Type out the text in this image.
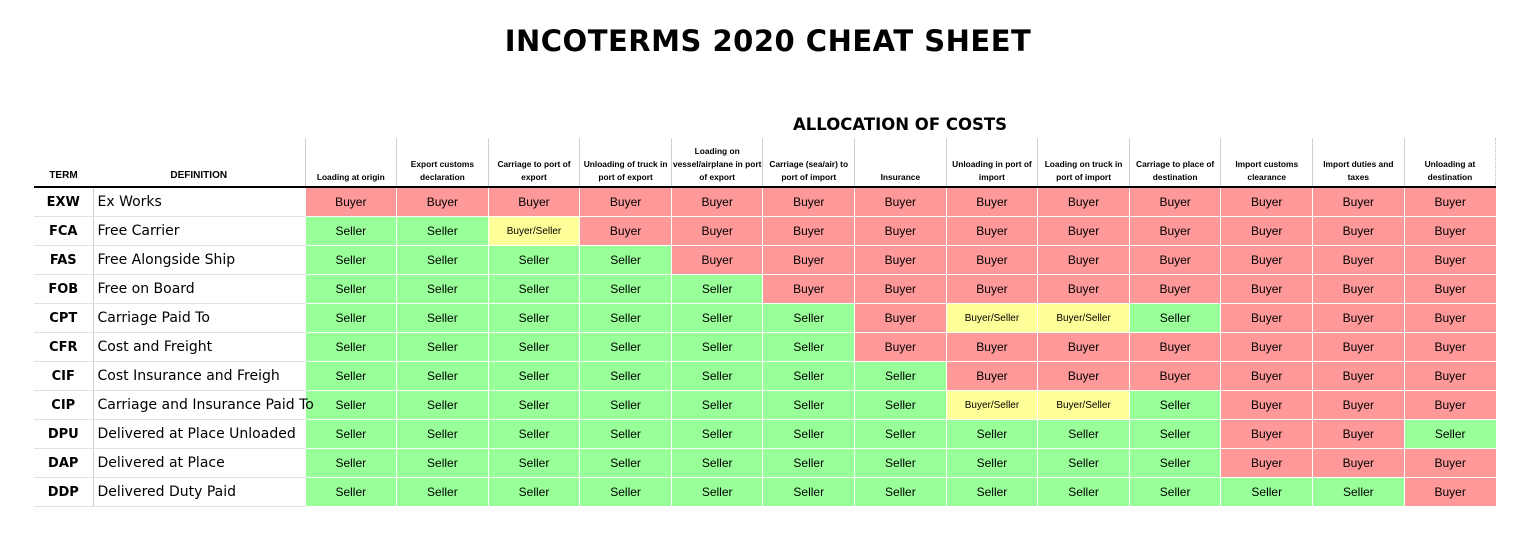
INCOTERMS 2020 CHEAT SHEET
ALLOCATION OF COSTS
TERM	DEFINITION	Loading at origin	Export customs declaration	Carriage to port of export	Unloading of truck in port of export	Loading on vessel/airplane in port of export	Carriage (sea/air) to port of import	Insurance	Unloading in port of import	Loading on truck in port of import	Carriage to place of destination	Import customs clearance	Import duties and taxes	Unloading at destination
EXW	Ex Works	Buyer	Buyer	Buyer	Buyer	Buyer	Buyer	Buyer	Buyer	Buyer	Buyer	Buyer	Buyer	Buyer
FCA	Free Carrier	Seller	Seller	Buyer/Seller	Buyer	Buyer	Buyer	Buyer	Buyer	Buyer	Buyer	Buyer	Buyer	Buyer
FAS	Free Alongside Ship	Seller	Seller	Seller	Seller	Buyer	Buyer	Buyer	Buyer	Buyer	Buyer	Buyer	Buyer	Buyer
FOB	Free on Board	Seller	Seller	Seller	Seller	Seller	Buyer	Buyer	Buyer	Buyer	Buyer	Buyer	Buyer	Buyer
CPT	Carriage Paid To	Seller	Seller	Seller	Seller	Seller	Seller	Buyer	Buyer/Seller	Buyer/Seller	Seller	Buyer	Buyer	Buyer
CFR	Cost and Freight	Seller	Seller	Seller	Seller	Seller	Seller	Buyer	Buyer	Buyer	Buyer	Buyer	Buyer	Buyer
CIF	Cost Insurance and Freigh	Seller	Seller	Seller	Seller	Seller	Seller	Seller	Buyer	Buyer	Buyer	Buyer	Buyer	Buyer
CIP	Carriage and Insurance Paid To	Seller	Seller	Seller	Seller	Seller	Seller	Seller	Buyer/Seller	Buyer/Seller	Seller	Buyer	Buyer	Buyer
DPU	Delivered at Place Unloaded	Seller	Seller	Seller	Seller	Seller	Seller	Seller	Seller	Seller	Seller	Buyer	Buyer	Seller
DAP	Delivered at Place	Seller	Seller	Seller	Seller	Seller	Seller	Seller	Seller	Seller	Seller	Buyer	Buyer	Buyer
DDP	Delivered Duty Paid	Seller	Seller	Seller	Seller	Seller	Seller	Seller	Seller	Seller	Seller	Seller	Seller	Buyer
